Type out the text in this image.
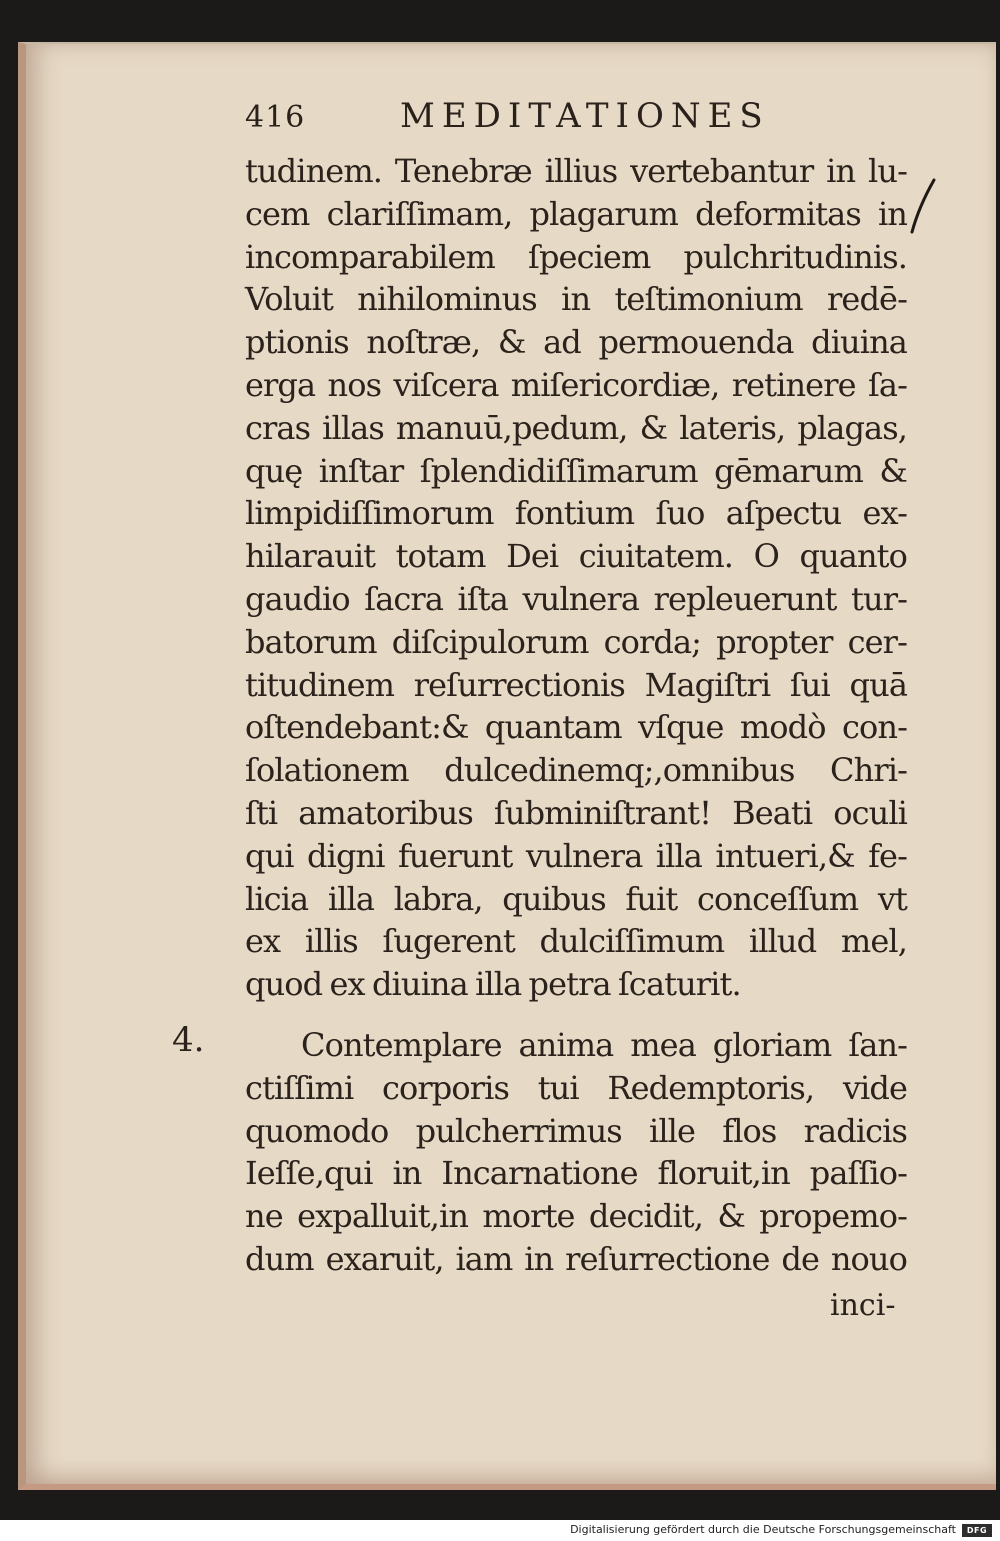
416	MEDITATIONES
tudinem. Tenebræ illius vertebantur in lu-
cem clariſſimam, plagarum deformitas in
incomparabilem ſpeciem pulchritudinis.
Voluit nihilominus in teſtimonium redē-
ptionis noſtræ, & ad permouenda diuina
erga nos viſcera miſericordiæ, retinere ſa-
cras illas manuū,pedum, & lateris, plagas,
quę inſtar ſplendidiſſimarum gēmarum &
limpidiſſimorum fontium ſuo aſpectu ex-
hilarauit totam Dei ciuitatem. O quanto
gaudio ſacra iſta vulnera repleuerunt tur-
batorum diſcipulorum corda; propter cer-
titudinem reſurrectionis Magiſtri ſui quā
oſtendebant:& quantam vſque modò con-
ſolationem dulcedinemq;,omnibus Chri-
ſti amatoribus ſubminiſtrant! Beati oculi
qui digni fuerunt vulnera illa intueri,& fe-
licia illa labra, quibus fuit conceſſum vt
ex illis ſugerent dulciſſimum illud mel,
quod ex diuina illa petra ſcaturit.
Contemplare anima mea gloriam ſan-
ctiſſimi corporis tui Redemptoris, vide
quomodo pulcherrimus ille flos radicis
Ieſſe,qui in Incarnatione floruit,in paſſio-
ne expalluit,in morte decidit, & propemo-
dum exaruit, iam in reſurrectione de nouo
4.
inci-
Digitalisierung gefördert durch die Deutsche Forschungsgemeinschaft	DFG
